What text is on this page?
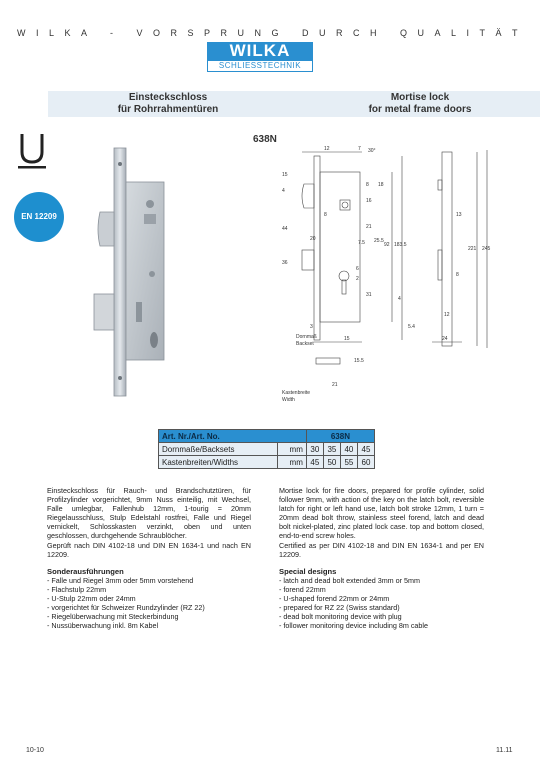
WILKA - VORSPRUNG DURCH QUALITÄT
WILKA
SCHLIESSTECHNIK
Einsteckschloss
für Rohrrahmentüren
Mortise lock
for metal frame doors
EN 12209
638N
12	7 30°
15
4
8
16
18
92 183.5
221 245
13
8
8
20
44
36
31
21
25.5
7.5
12
6
2
3
15
4
15.5
21
5.4
24
Dornmaß
Backset
Kastenbreite
Width
Art. Nr./Art. No.		638N			
Dornmaße/Backsets	mm	30	35	40	45
Kastenbreiten/Widths	mm	45	50	55	60
Einsteckschloss für Rauch- und Brandschutztüren, für Profilzylinder vorgerichtet, 9mm Nuss einteilig, mit Wechsel, Falle umlegbar, Fallenhub 12mm, 1-tourig = 20mm Riegelausschluss, Stulp Edelstahl rostfrei, Falle und Riegel vernickelt, Schlosskasten verzinkt, oben und unten geschlossen, durchgehende Schraublöcher.
Geprüft nach DIN 4102-18 und DIN EN 1634-1 und nach EN 12209.
Sonderausführungen
- Falle und Riegel 3mm oder 5mm vorstehend
- Flachstulp 22mm
- U-Stulp 22mm oder 24mm
- vorgerichtet für Schweizer Rundzylinder (RZ 22)
- Riegelüberwachung mit Steckerbindung
- Nussüberwachung inkl. 8m Kabel
Mortise lock for fire doors, prepared for profile cylinder, solid follower 9mm, with action of the key on the latch bolt, reversible latch for right or left hand use, latch bolt stroke 12mm, 1 turn = 20mm dead bolt throw, stainless steel forend, latch and dead bolt nickel-plated, zinc plated lock case. top and bottom closed, end-to-end screw holes.
Certified as per DIN 4102-18 and DIN EN 1634-1 and per EN 12209.
Special designs
- latch and dead bolt extended 3mm or 5mm
- forend 22mm
- U-shaped forend 22mm or 24mm
- prepared for RZ 22 (Swiss standard)
- dead bolt monitoring device with plug
- follower monitoring device including 8m cable
10-10	11.11
